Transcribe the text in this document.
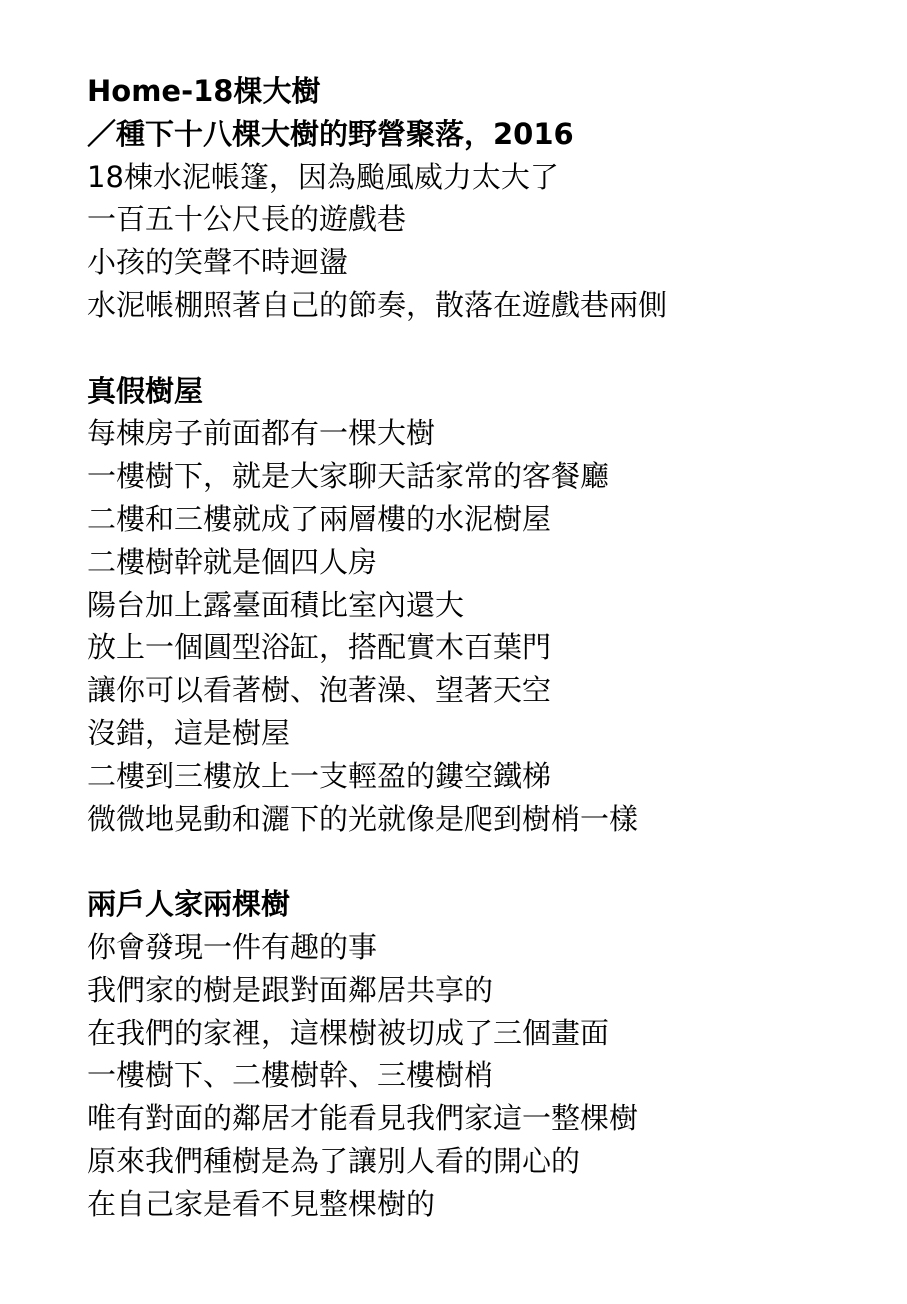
Home-18棵大樹

／種下十八棵大樹的野營聚落，2016

18棟水泥帳篷，因為颱風威力太大了

一百五十公尺長的遊戲巷

小孩的笑聲不時迴盪

水泥帳棚照著自己的節奏，散落在遊戲巷兩側

真假樹屋

每棟房子前面都有一棵大樹

一樓樹下，就是大家聊天話家常的客餐廳

二樓和三樓就成了兩層樓的水泥樹屋

二樓樹幹就是個四人房

陽台加上露臺面積比室內還大

放上一個圓型浴缸，搭配實木百葉門

讓你可以看著樹、泡著澡、望著天空

沒錯，這是樹屋

二樓到三樓放上一支輕盈的鏤空鐵梯

微微地晃動和灑下的光就像是爬到樹梢一樣

兩戶人家兩棵樹

你會發現一件有趣的事

我們家的樹是跟對面鄰居共享的

在我們的家裡，這棵樹被切成了三個畫面

一樓樹下、二樓樹幹、三樓樹梢

唯有對面的鄰居才能看見我們家這一整棵樹

原來我們種樹是為了讓別人看的開心的

在自己家是看不見整棵樹的
